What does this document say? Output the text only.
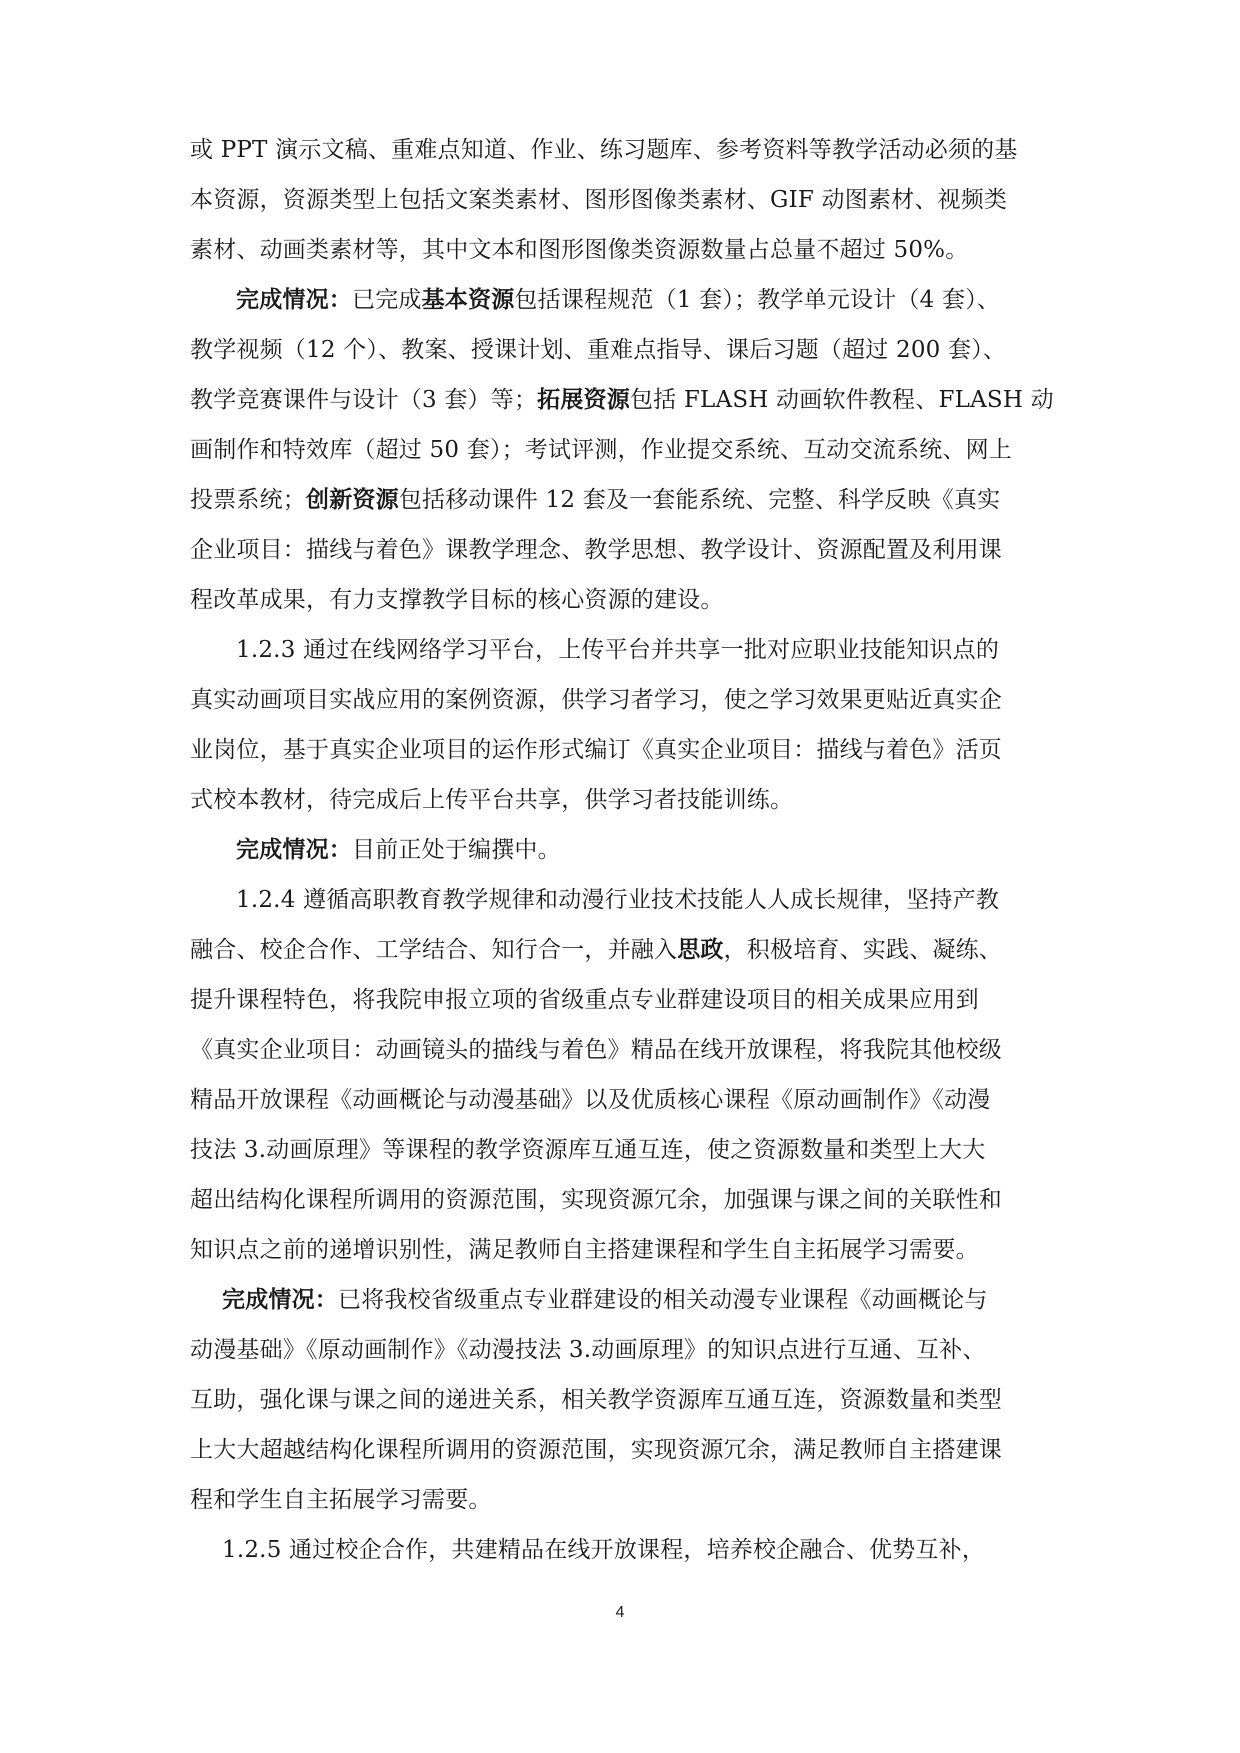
或 PPT 演示文稿、重难点知道、作业、练习题库、参考资料等教学活动必须的基
本资源，资源类型上包括文案类素材、图形图像类素材、GIF 动图素材、视频类
素材、动画类素材等，其中文本和图形图像类资源数量占总量不超过 50%。
完成情况：已完成基本资源包括课程规范（1 套）；教学单元设计（4 套）、
教学视频（12 个）、教案、授课计划、重难点指导、课后习题（超过 200 套）、
教学竞赛课件与设计（3 套）等；拓展资源包括 FLASH 动画软件教程、FLASH 动
画制作和特效库（超过 50 套）；考试评测，作业提交系统、互动交流系统、网上
投票系统；创新资源包括移动课件 12 套及一套能系统、完整、科学反映《真实
企业项目：描线与着色》课教学理念、教学思想、教学设计、资源配置及利用课
程改革成果，有力支撑教学目标的核心资源的建设。
1.2.3 通过在线网络学习平台，上传平台并共享一批对应职业技能知识点的
真实动画项目实战应用的案例资源，供学习者学习，使之学习效果更贴近真实企
业岗位，基于真实企业项目的运作形式编订《真实企业项目：描线与着色》活页
式校本教材，待完成后上传平台共享，供学习者技能训练。
完成情况：目前正处于编撰中。
1.2.4 遵循高职教育教学规律和动漫行业技术技能人人成长规律，坚持产教
融合、校企合作、工学结合、知行合一，并融入思政，积极培育、实践、凝练、
提升课程特色，将我院申报立项的省级重点专业群建设项目的相关成果应用到
《真实企业项目：动画镜头的描线与着色》精品在线开放课程，将我院其他校级
精品开放课程《动画概论与动漫基础》以及优质核心课程《原动画制作》《动漫
技法 3.动画原理》等课程的教学资源库互通互连，使之资源数量和类型上大大
超出结构化课程所调用的资源范围，实现资源冗余，加强课与课之间的关联性和
知识点之前的递增识别性，满足教师自主搭建课程和学生自主拓展学习需要。
完成情况：已将我校省级重点专业群建设的相关动漫专业课程《动画概论与
动漫基础》《原动画制作》《动漫技法 3.动画原理》的知识点进行互通、互补、
互助，强化课与课之间的递进关系，相关教学资源库互通互连，资源数量和类型
上大大超越结构化课程所调用的资源范围，实现资源冗余，满足教师自主搭建课
程和学生自主拓展学习需要。
1.2.5 通过校企合作，共建精品在线开放课程，培养校企融合、优势互补，
4
